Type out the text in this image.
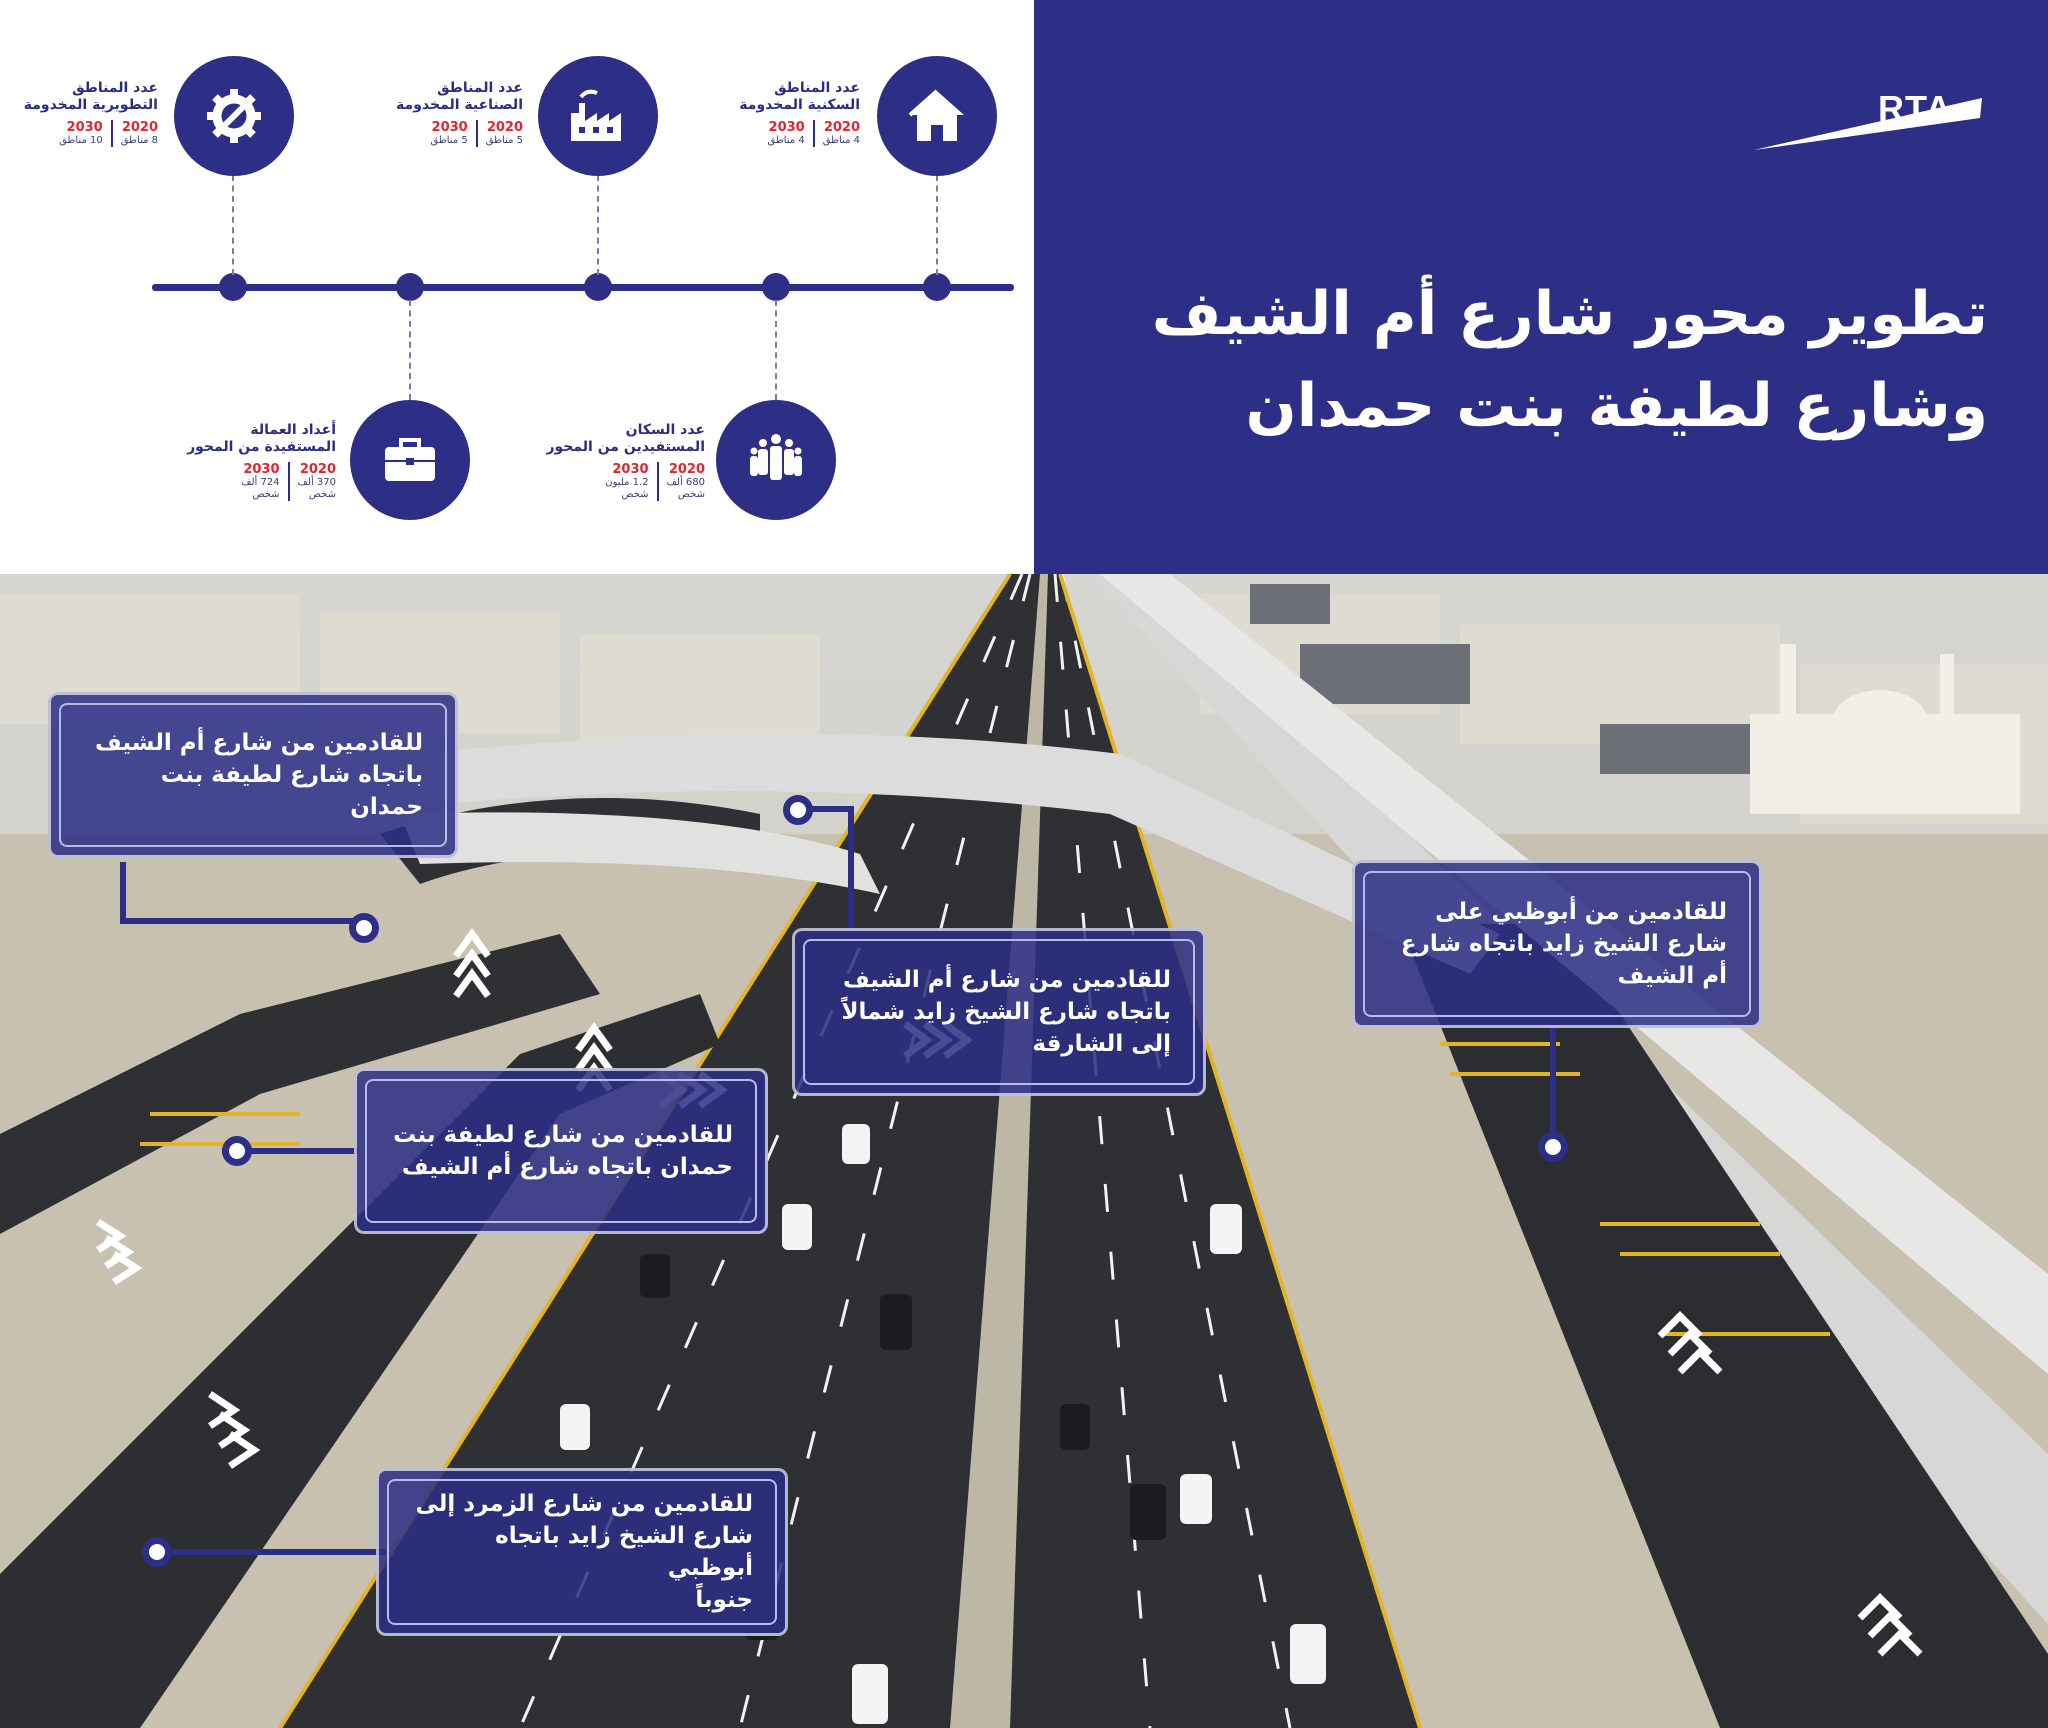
RTA
تطوير محور شارع أم الشيف
وشارع لطيفة بنت حمدان
عدد المناطق
السكنية المخدومة
2020
4 مناطق
2030
4 مناطق
عدد المناطق
الصناعية المخدومة
2020
5 مناطق
2030
5 مناطق
عدد المناطق
التطويرية المخدومة
2020
8 مناطق
2030
10 مناطق
عدد السكان
المستفيدين من المحور
2020
680 ألف
شخص
2030
1.2 مليون
شخص
أعداد العمالة
المستفيدة من المحور
2020
370 ألف
شخص
2030
724 ألف
شخص
للقادمين من شارع أم الشيف
باتجاه شارع لطيفة بنت حمدان
للقادمين من شارع أم الشيف
باتجاه شارع الشيخ زايد شمالاً
إلى الشارقة
للقادمين من أبوظبي على
شارع الشيخ زايد باتجاه شارع
أم الشيف
للقادمين من شارع لطيفة بنت
حمدان باتجاه شارع أم الشيف
للقادمين من شارع الزمرد إلى
شارع الشيخ زايد باتجاه أبوظبي
جنوباً
